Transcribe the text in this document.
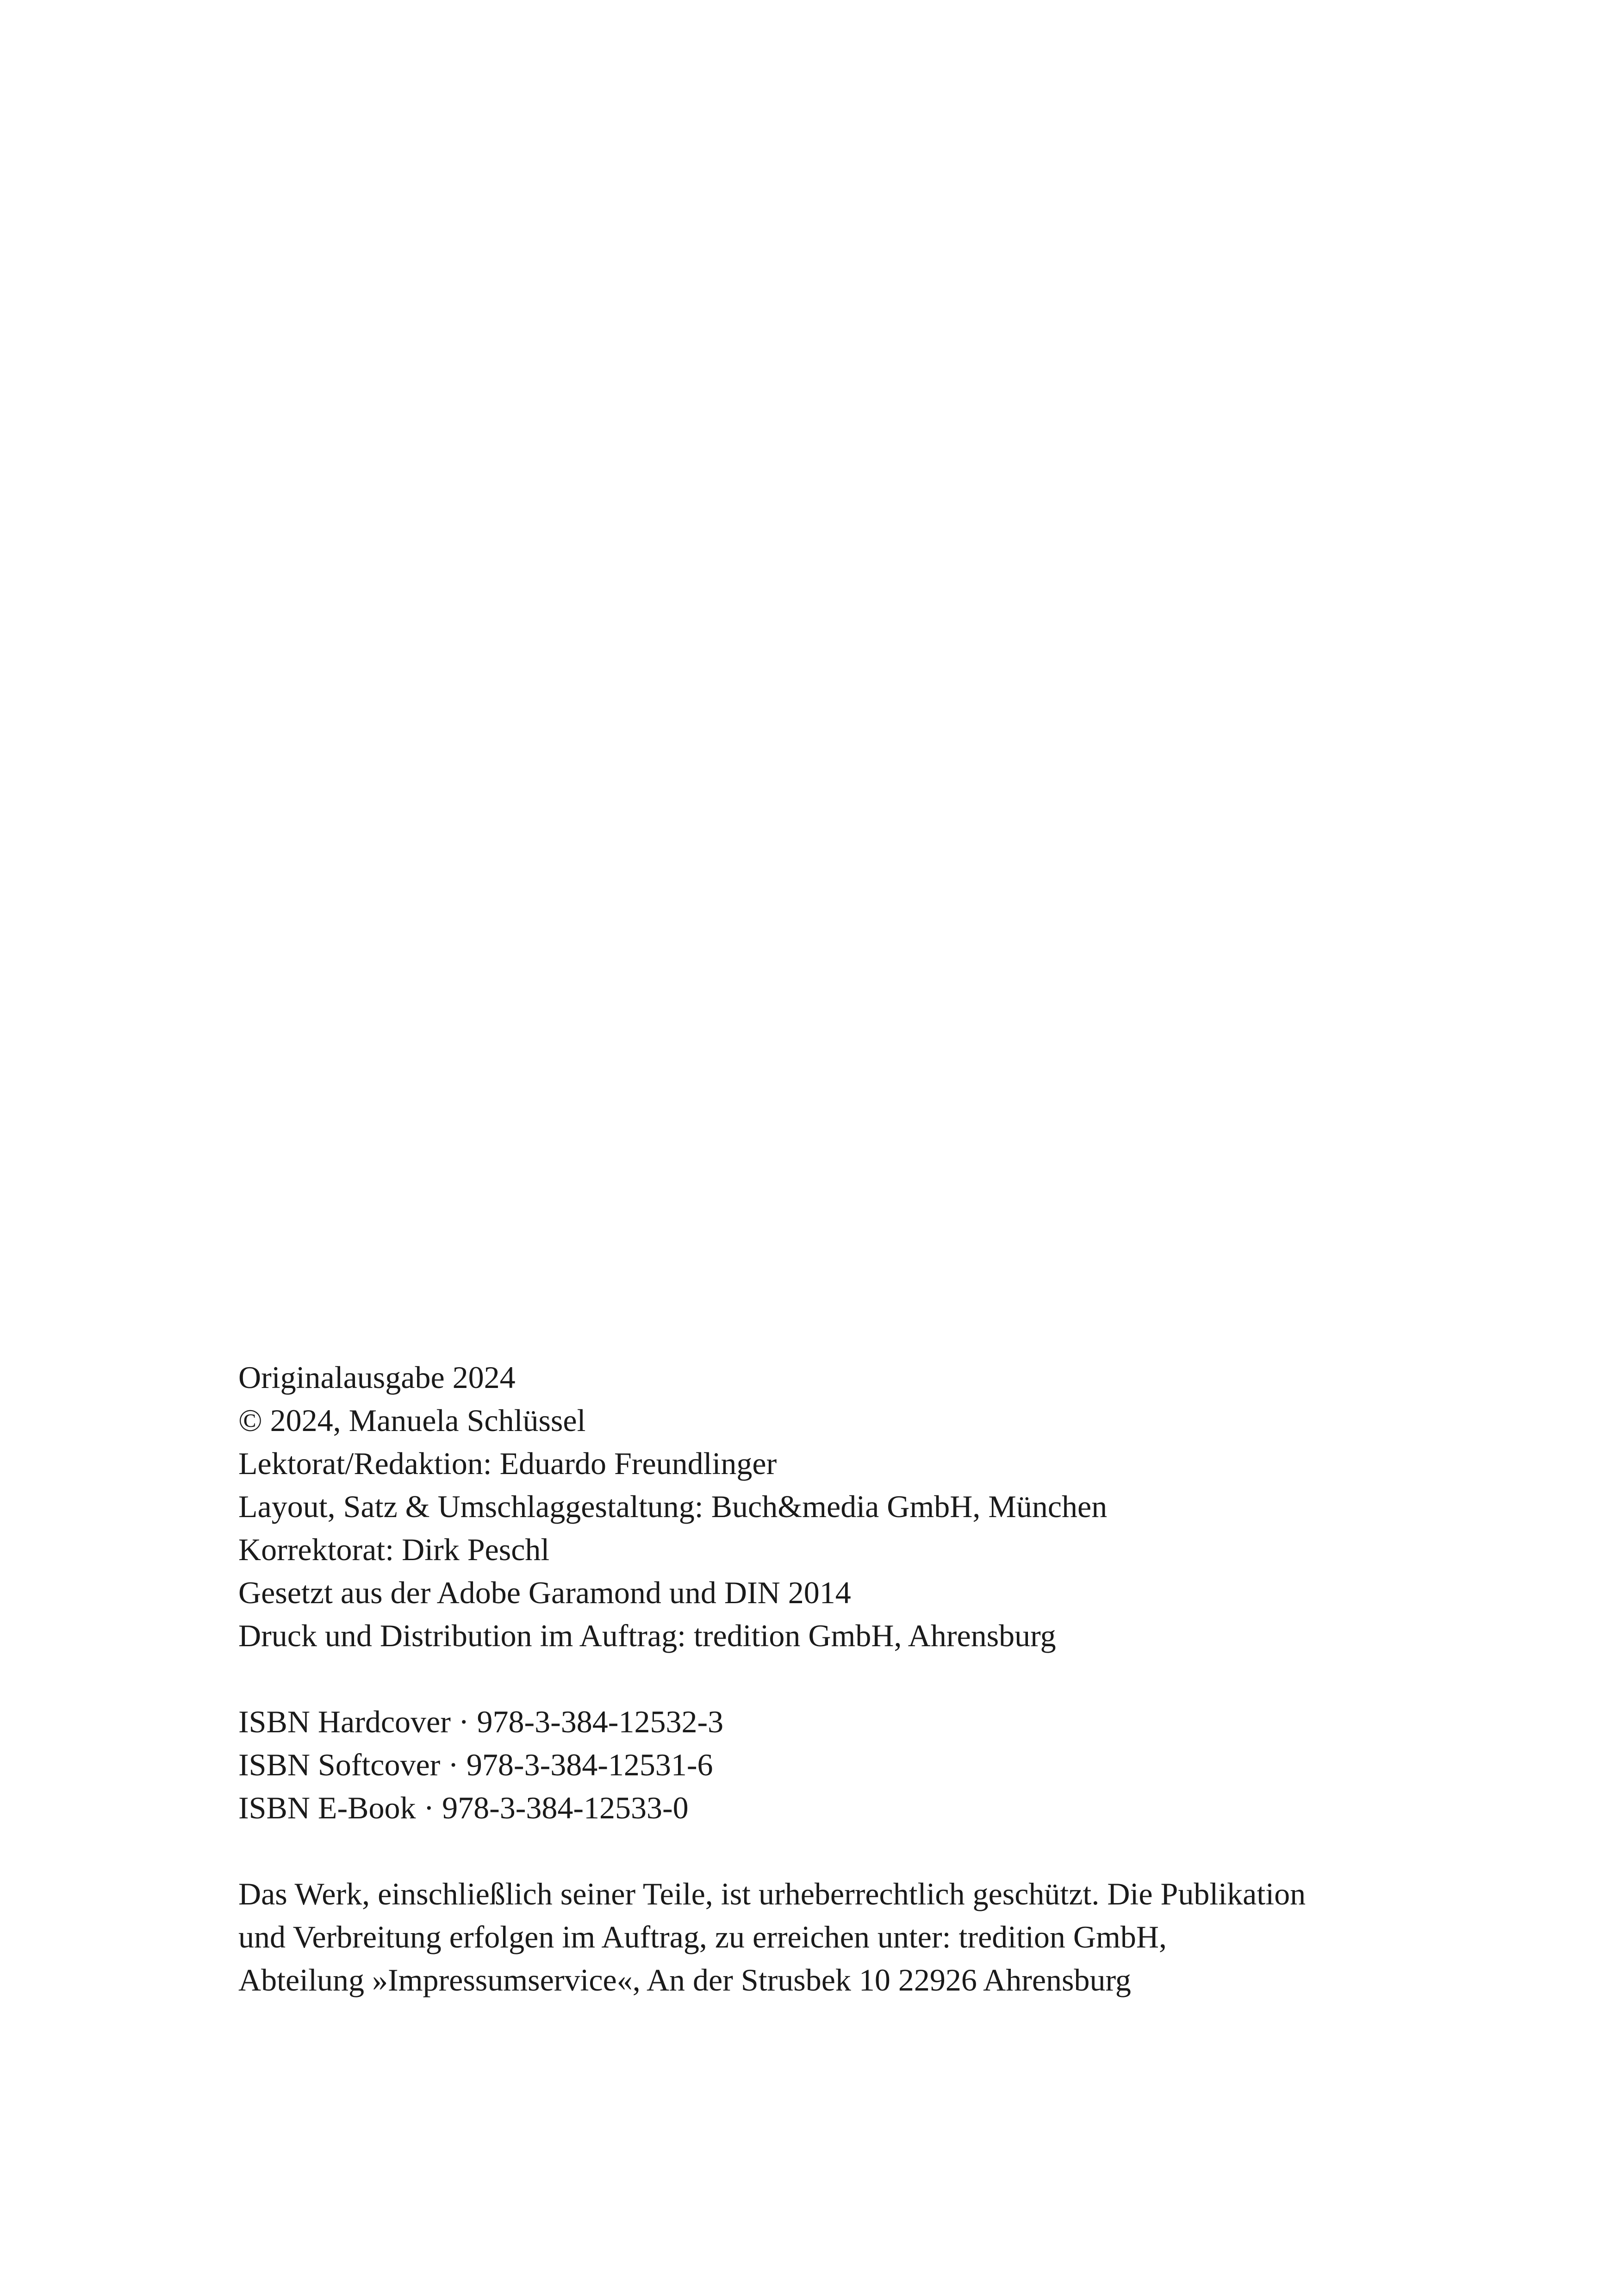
Originalausgabe 2024
© 2024, Manuela Schlüssel
Lektorat/Redaktion: Eduardo Freundlinger
Layout, Satz & Umschlaggestaltung: Buch&media GmbH, München
Korrektorat: Dirk Peschl
Gesetzt aus der Adobe Garamond und DIN 2014
Druck und Distribution im Auftrag: tredition GmbH, Ahrensburg
ISBN Hardcover · 978-3-384-12532-3
ISBN Softcover · 978-3-384-12531-6
ISBN E-Book · 978-3-384-12533-0
Das Werk, einschließlich seiner Teile, ist urheberrechtlich geschützt. Die Publikation
und Verbreitung erfolgen im Auftrag, zu erreichen unter: tredition GmbH,
Abteilung »Impressumservice«, An der Strusbek 10 22926 Ahrensburg
